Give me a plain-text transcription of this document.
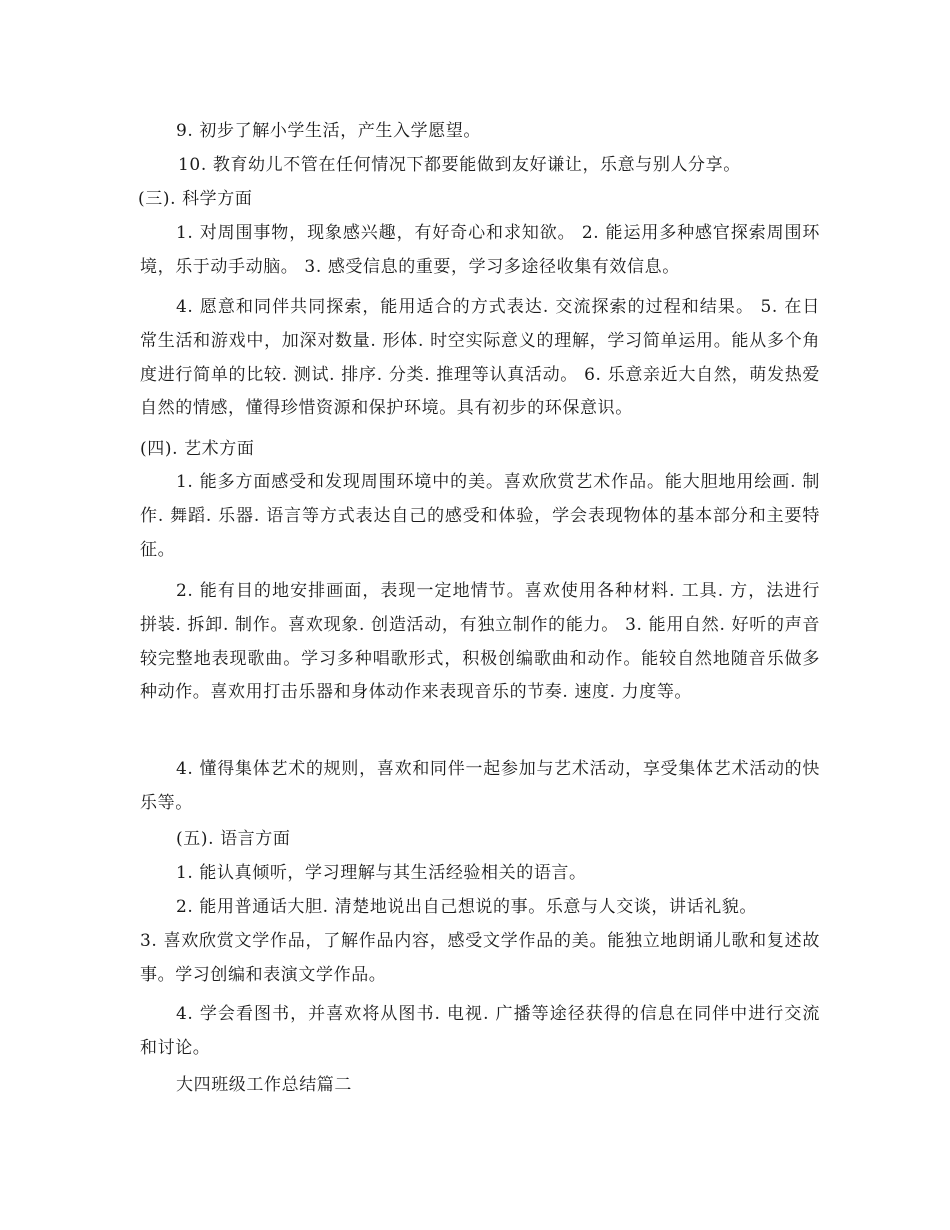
9. 初步了解小学生活，产生入学愿望。
10. 教育幼儿不管在任何情况下都要能做到友好谦让，乐意与别人分享。
(三). 科学方面
1. 对周围事物，现象感兴趣，有好奇心和求知欲。 2. 能运用多种感官探索周围环境，乐于动手动脑。 3. 感受信息的重要，学习多途径收集有效信息。
4. 愿意和同伴共同探索，能用适合的方式表达. 交流探索的过程和结果。 5. 在日常生活和游戏中，加深对数量. 形体. 时空实际意义的理解，学习简单运用。能从多个角度进行简单的比较. 测试. 排序. 分类. 推理等认真活动。 6. 乐意亲近大自然，萌发热爱自然的情感，懂得珍惜资源和保护环境。具有初步的环保意识。
(四). 艺术方面
1. 能多方面感受和发现周围环境中的美。喜欢欣赏艺术作品。能大胆地用绘画. 制作. 舞蹈. 乐器. 语言等方式表达自己的感受和体验，学会表现物体的基本部分和主要特征。
2. 能有目的地安排画面，表现一定地情节。喜欢使用各种材料. 工具. 方，法进行拼装. 拆卸. 制作。喜欢现象. 创造活动，有独立制作的能力。 3. 能用自然. 好听的声音较完整地表现歌曲。学习多种唱歌形式，积极创编歌曲和动作。能较自然地随音乐做多种动作。喜欢用打击乐器和身体动作来表现音乐的节奏. 速度. 力度等。
4. 懂得集体艺术的规则，喜欢和同伴一起参加与艺术活动，享受集体艺术活动的快乐等。
(五). 语言方面
1. 能认真倾听，学习理解与其生活经验相关的语言。
2. 能用普通话大胆. 清楚地说出自己想说的事。乐意与人交谈，讲话礼貌。
3. 喜欢欣赏文学作品，了解作品内容，感受文学作品的美。能独立地朗诵儿歌和复述故事。学习创编和表演文学作品。
4. 学会看图书，并喜欢将从图书. 电视. 广播等途径获得的信息在同伴中进行交流和讨论。
大四班级工作总结篇二
